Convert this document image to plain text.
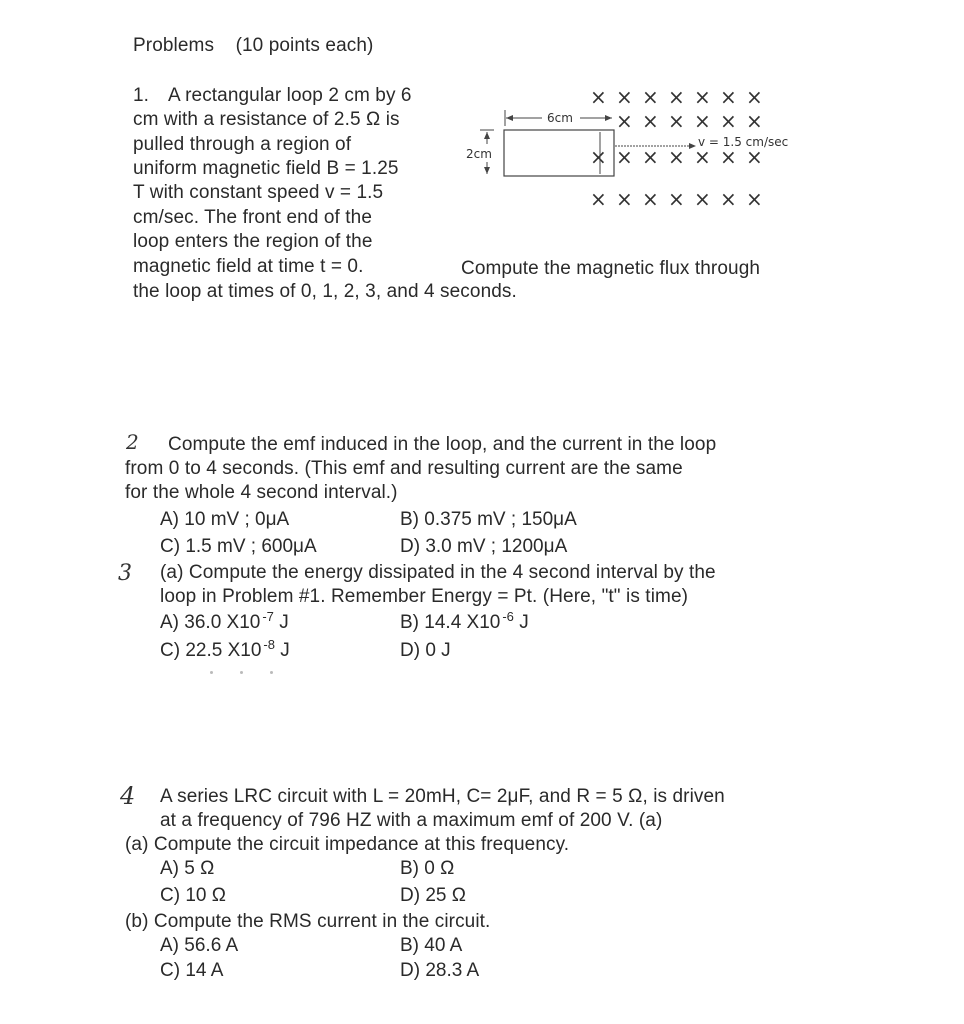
Problems (10 points each)
1. A rectangular loop 2 cm by 6
cm with a resistance of 2.5 Ω is
pulled through a region of
uniform magnetic field B = 1.25
T with constant speed v = 1.5
cm/sec. The front end of the
loop enters the region of the
magnetic field at time t = 0.	Compute the magnetic flux through
the loop at times of 0, 1, 2, 3, and 4 seconds.
× × × × × × ×
× × × × × ×
× × × × × × ×
× × × × × × ×
6cm
2cm
v = 1.5 cm/sec
2 Compute the emf induced in the loop, and the current in the loop
from 0 to 4 seconds. (This emf and resulting current are the same
for the whole 4 second interval.)
A) 10 mV ; 0μA	B) 0.375 mV ; 150μA
C) 1.5 mV ; 600μA	D) 3.0 mV ; 1200μA
3 (a) Compute the energy dissipated in the 4 second interval by the
loop in Problem #1. Remember Energy = Pt. (Here, "t" is time)
A) 36.0 X10 $^{-7}$ J	B) 14.4 X10 $^{-6}$ J
C) 22.5 X10 $^{-8}$ J	D) 0 J
4 A series LRC circuit with L = 20mH, C= 2μF, and R = 5 Ω, is driven
at a frequency of 796 HZ with a maximum emf of 200 V. (a)
(a) Compute the circuit impedance at this frequency.
A) 5 Ω	B) 0 Ω
C) 10 Ω	D) 25 Ω
(b) Compute the RMS current in the circuit.
A) 56.6 A	B) 40 A
C) 14 A	D) 28.3 A
